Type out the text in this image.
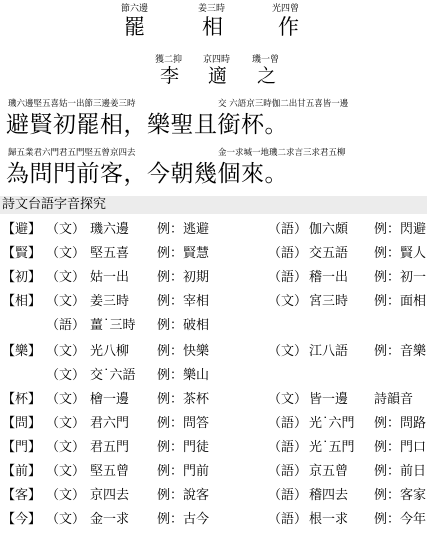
節六邊	姜三時	光四曾
罷	相	作
獲二抑 京四時 璣一曾
李 適 之
璣六邊堅五喜姑一出節三邊姜三時	交 六語京三時伽二出甘五喜皆一邊
避賢初罷相，樂聖且銜杯。
歸五業君六門君五門堅五曾京四去	金一求堿一地璣二求言三求君五柳
為問門前客，今朝幾個來。
詩文台語字音探究
【避】 （文） 璣六邊 例：逃避	（語） 伽六頗 例：閃避
【賢】 （文） 堅五喜 例：賢慧	（語） 交五語 例：賢人
【初】 （文） 姑一出 例：初期	（語） 稽一出 例：初一
【相】 （文） 姜三時 例：宰相	（文） 宮三時 例：面相
（語） 薑˙三時 例：破相
【樂】 （文） 光八柳 例：快樂	（文） 江八語 例：音樂
（文） 交˙六語 例：樂山
【杯】 （文） 檜一邊 例：茶杯	（文） 皆一邊 詩韻音
【問】 （文） 君六門 例：問答	（語） 光˙六門 例：問路
【門】 （文） 君五門 例：門徒	（語） 光˙五門 例：門口
【前】 （文） 堅五曾 例：門前	（語） 京五曾 例：前日
【客】 （文） 京四去 例：說客	（語） 稽四去 例：客家
【今】 （文） 金一求 例：古今	（語） 根一求 例：今年
